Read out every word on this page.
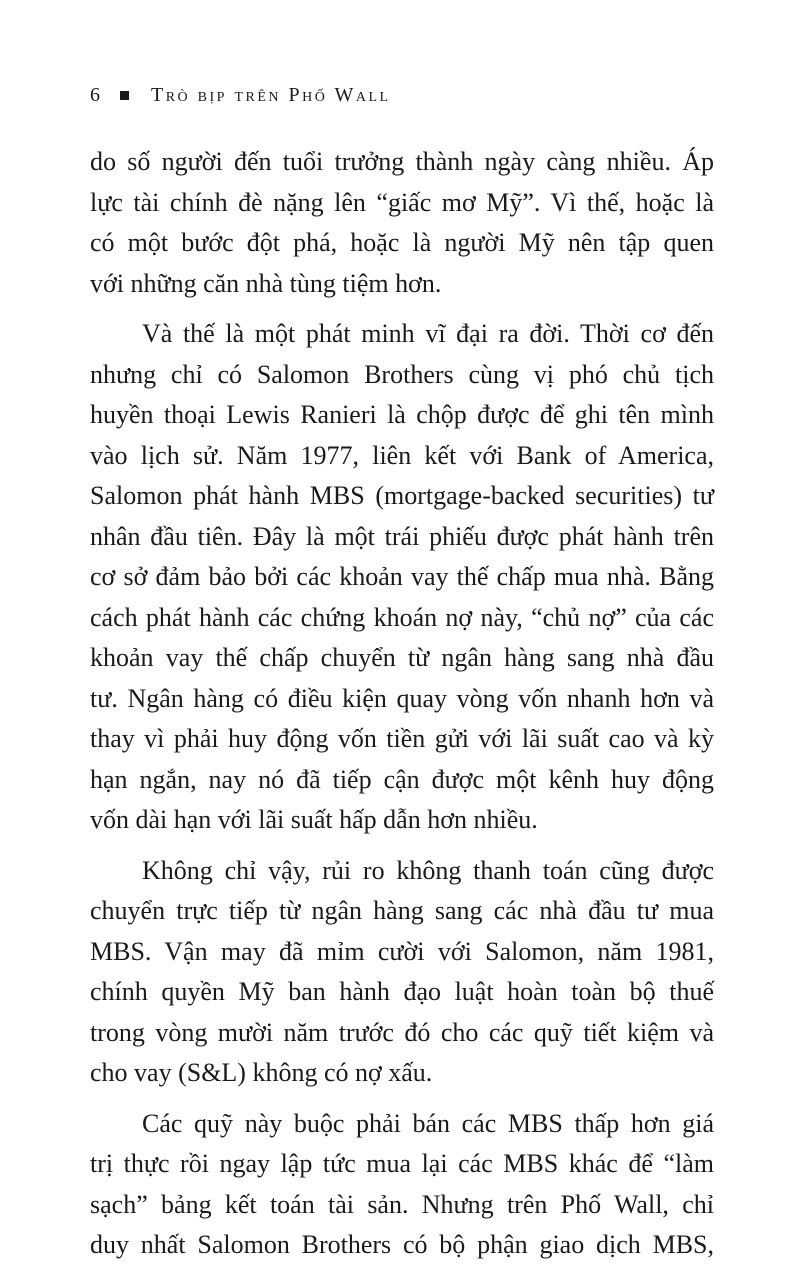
6 Trò bịp trên Phố Wall
do số người đến tuổi trưởng thành ngày càng nhiều. Áp
lực tài chính đè nặng lên “giấc mơ Mỹ”. Vì thế, hoặc là
có một bước đột phá, hoặc là người Mỹ nên tập quen
với những căn nhà tùng tiệm hơn.
Và thế là một phát minh vĩ đại ra đời. Thời cơ đến
nhưng chỉ có Salomon Brothers cùng vị phó chủ tịch
huyền thoại Lewis Ranieri là chộp được để ghi tên mình
vào lịch sử. Năm 1977, liên kết với Bank of America,
Salomon phát hành MBS (mortgage-backed securities) tư
nhân đầu tiên. Đây là một trái phiếu được phát hành trên
cơ sở đảm bảo bởi các khoản vay thế chấp mua nhà. Bằng
cách phát hành các chứng khoán nợ này, “chủ nợ” của các
khoản vay thế chấp chuyển từ ngân hàng sang nhà đầu
tư. Ngân hàng có điều kiện quay vòng vốn nhanh hơn và
thay vì phải huy động vốn tiền gửi với lãi suất cao và kỳ
hạn ngắn, nay nó đã tiếp cận được một kênh huy động
vốn dài hạn với lãi suất hấp dẫn hơn nhiều.
Không chỉ vậy, rủi ro không thanh toán cũng được
chuyển trực tiếp từ ngân hàng sang các nhà đầu tư mua
MBS. Vận may đã mỉm cười với Salomon, năm 1981,
chính quyền Mỹ ban hành đạo luật hoàn toàn bộ thuế
trong vòng mười năm trước đó cho các quỹ tiết kiệm và
cho vay (S&L) không có nợ xấu.
Các quỹ này buộc phải bán các MBS thấp hơn giá
trị thực rồi ngay lập tức mua lại các MBS khác để “làm
sạch” bảng kết toán tài sản. Nhưng trên Phố Wall, chỉ
duy nhất Salomon Brothers có bộ phận giao dịch MBS,
